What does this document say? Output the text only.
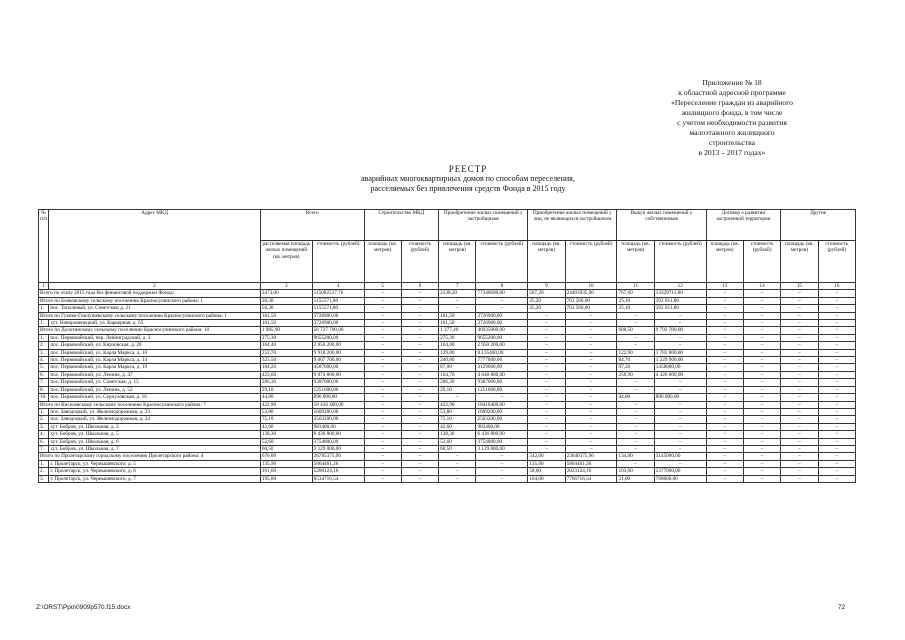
Приложение № 18
к областной адресной программе
«Переселение граждан из аварийного
жилищного фонда, в том числе
с учетом необходимости развития
малоэтажного жилищного
строительства
в 2013 – 2017 годах»
РЕЕСТР
аварийных многоквартирных домов по способам переселения,
расселяемых без привлечения средств Фонда в 2015 году
№ п/п	Адрес МКД	Всего		Строительство МКД		Приобретение жилых помещений у застройщиков		Приобретение жилых помещений у лиц, не являющихся застройщиком		Выкуп жилых помещений у собственников		Договор о развитии застроенной территории		Другие	
		расселяемая площадь жилых помещений (кв. метров)	стоимость (рублей)	площадь (кв. метров)	стоимость (рублей)	площадь (кв. метров)	стоимость (рублей)	площадь (кв. метров)	стоимость (рублей)	площадь (кв. метров)	стоимость (рублей)	площадь (кв. метров)	стоимость (рублей)	площадь (кв. метров)	стоимость (рублей)
1	2	3	4	5	6	7	8	9	10	11	12	13	14	15	16
Всего по этапу 2015 года без финансовой поддержки Фонда:		3473,00	115082537,76	–	–	2138,20	77348690,00	567,20	24403935,96	767,60	13329711,80	–	–	–	–
Итого по Бочковскому сельскому поселению Красносулинского района: 1		30,30	1155571,80	–	–	–	–	25,20	763 560,00	25,10	392 011,80	–	–	–	–
1.	пос. Тополевый, ул. Советская, д. 21	50,30	1155571,80	–	–	–	–	25,20	763 560,00	25,10	392 011,80	–	–	–	–
Итого по Гуково-Гнилушевскому сельскому поселению Красносулинского района: 1		101,50	3726900,00	–	–	101,50	3726900,00	–	–	–	–	–	–	–	–
1.	хут. Новоровенецкий, ул. Карьерная, д. 65	101,50	3726900,00	–	–	101,50	3726900,00	–	–	–	–	–	–	–	–
Итого по Долотинскому сельскому поселению Красносулинского района: 10		1 985,90	56 727 700,00	–	–	1 377,40	46935000,00	–	–	608,50	9 792 700,00	–	–	–	–
1.	пос. Первомайский, пер. Ленинградский, д. 3	275,30	9655200,00	–	–	275,30	9655200,00	–	–	–	–	–	–	–	–
2.	пос. Первомайский, ул. Кирзовская, д. 20	164,40	2 950 200,00	–	–	164,40	2 950 200,00	–	–	–	–	–	–	–	–
3.	пос. Первомайский, ул. Карла Маркса, д. 10	252,70	9 918 200,00	–	–	129,80	8 135400,00	–	–	122,90	1 782 800,00	–	–	–	–
4.	пос. Первомайский, ул. Карла Маркса, д. 14	325,50	9 007 700,00	–	–	240,80	7777800,00	–	–	84,70	1 229 900,00	–	–	–	–
5.	пос. Первомайский, ул. Карла Маркса, д. 19	184,20	4587000,00	–	–	87,00	3129000,00	–	–	97,20	1458000,00	–	–	–	–
6.	пос. Первомайский, ул. Ленина, д. 47	423,60	9 074 800,00	–	–	164,70	4 648 800,00	–	–	258,90	4 426 000,00	–	–	–	–
7.	пос. Первомайский, ул. Советская, д. 15	286,30	9387000,00	–	–	286,30	9387000,00	–	–	–	–	–	–	–	–
8.	пос. Первомайский, ул. Ленина, д. 52	29,10	1251600,00	–	–	29,10	1251600,00	–	–	–	–	–	–	–	–
10.	пос. Первомайский, ул. Серпуховская, д. 16	44,80	896 000,00	–	–	–	–	–	–	44,80	896 000,00	–	–	–	–
Итого по Киселевскому сельскому поселению Красносулинского района: 7		422,90	18 416 400,00	–	–	422,90	18416400,00	–	–	–	–	–	–	–	–
1.	пос. Заводоцкий, ул. Железнодорожная, д. 23	53,80	1609200,00	–	–	53,80	1609200,00	–	–	–	–	–	–	–	–
2.	пос. Заводоцкий, ул. Железнодорожная, д. 24	75,10	2503200,00	–	–	75,10	2503200,00	–	–	–	–	–	–	–	–
3.	хут. Бобров, ул. Школьная, д. 2	42,60	983400,00	–	–	42,60	983400,00	–	–	–	–	–	–	–	–
4.	хут. Бобров, ул. Школьная, д. 5	138,30	6 436 800,00	–	–	138,30	6 436 800,00	–	–	–	–	–	–	–	–
6.	хут. Бобров, ул. Школьная, д. 6	52,60	3754800,00	–	–	52,60	3754800,00	–	–	–	–	–	–	–	–
7.	хут. Бобров, ул. Школьная, д. 7	60,50	3 129 000,00	–	–	60,50	3 129 000,00	–	–	–	–	–	–	–	–
Итого по Пролетарскому городскому поселению Пролетарского района: 4		676,00	26785375,96	–	–	–	–	542,00	23640375,96	134,00	3145000,00	–	–	–	–
1.	г. Пролетарск, ул. Чернышевского, д. 5	135,90	5864461,26	–	–	–	–	135,90	5864461,26	–	–	–	–	–	–
2.	г. Пролетарск, ул. Чернышевского, д. 6	161,60	5200124,16	–	–	–	–	58,60	2823124,16	103,00	2377000,00	–	–	–	–
3.	г. Пролетарск, ул. Чернышевского, д. 7	195,00	8534716,54	–	–	–	–	164,00	7766716,54	31,00	768000,00	–	–	–	–
Z:\ORST\Ppo\0909p570.f15.docx	72
